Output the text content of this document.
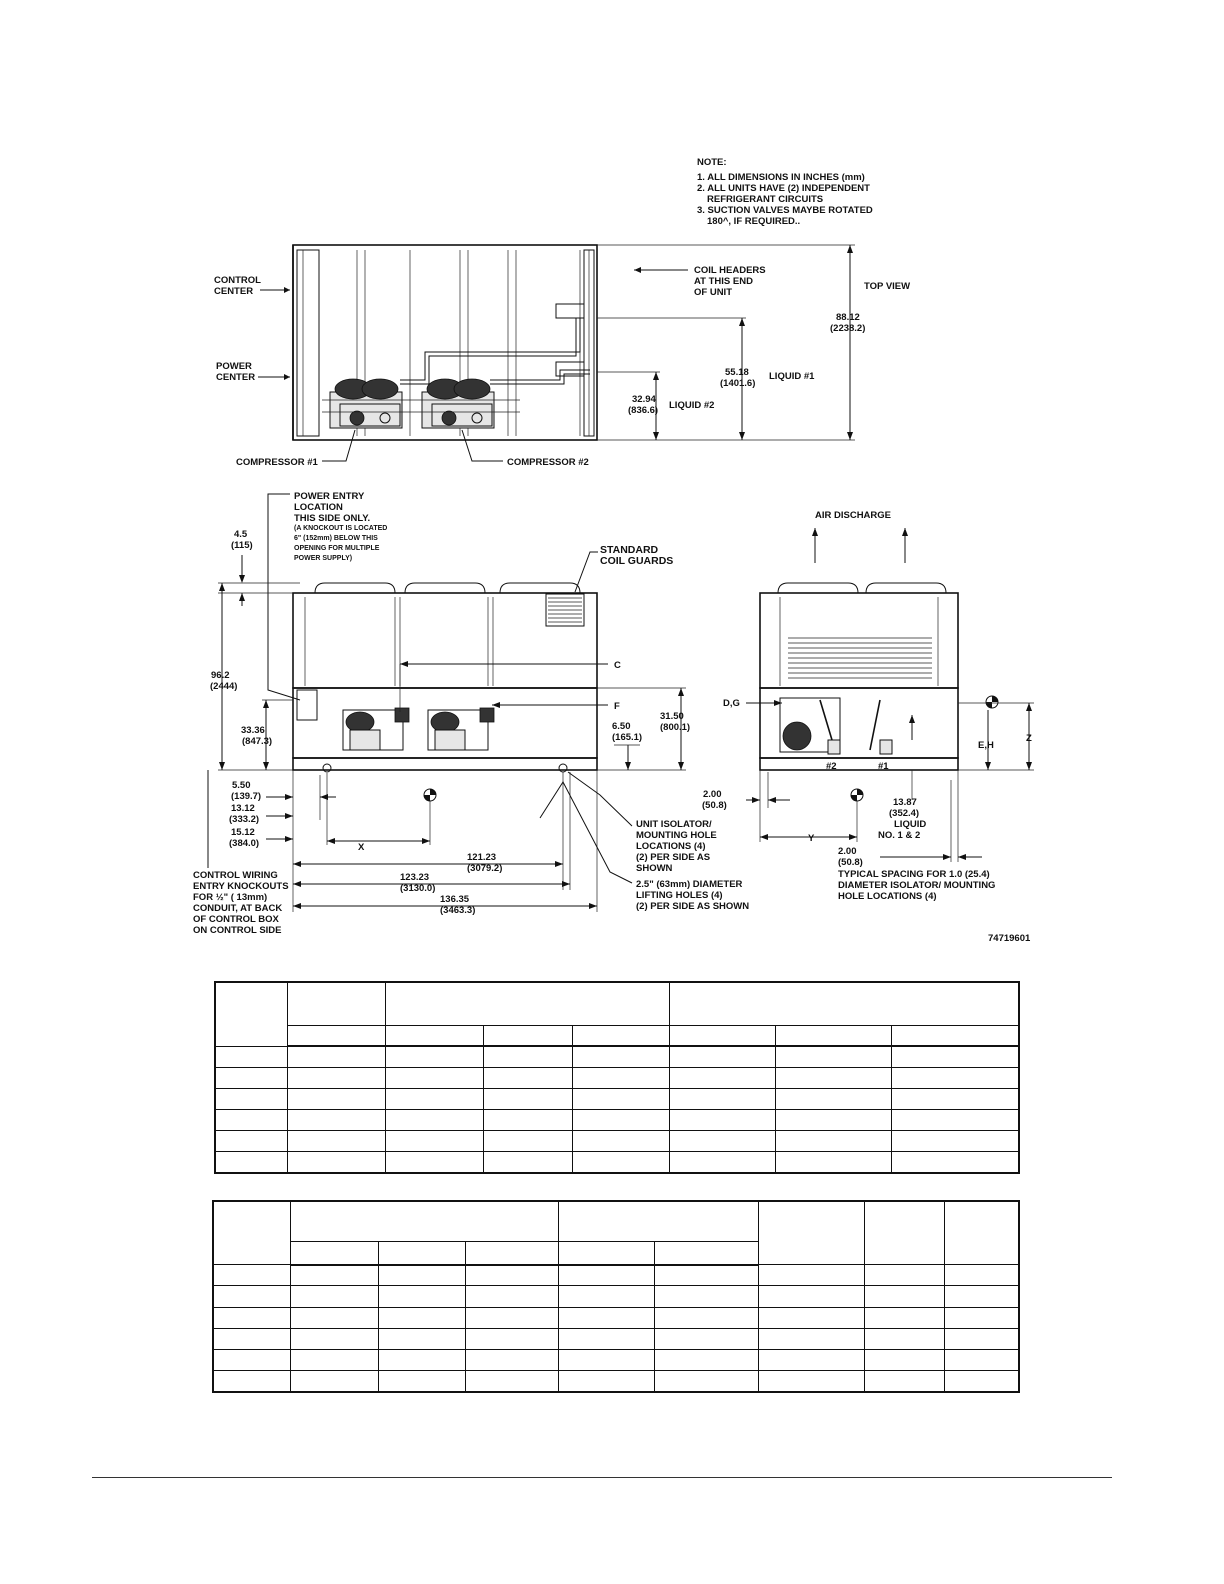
NOTE:
1. ALL DIMENSIONS IN INCHES (mm)
2. ALL UNITS HAVE (2) INDEPENDENT
REFRIGERANT CIRCUITS
3. SUCTION VALVES MAYBE ROTATED
180^, IF REQUIRED..
CONTROL
CENTER
POWER
CENTER
COIL HEADERS
AT THIS END
OF UNIT
TOP VIEW
88.12
(2238.2)
55.18
(1401.6)
LIQUID #1
32.94
(836.6) LIQUID #2
COMPRESSOR #1	COMPRESSOR #2
POWER ENTRY
LOCATION
THIS SIDE ONLY.
(A KNOCKOUT IS LOCATED
6" (152mm) BELOW THIS
OPENING FOR MULTIPLE
POWER SUPPLY)
4.5
(115)
96.2
(2444)
33.36
(847.3)
STANDARD
COIL GUARDS
C
F
6.50
(165.1)
31.50
(800.1)
5.50
(139.7)
13.12
(333.2)
15.12
(384.0)	X
121.23
(3079.2)
123.23
(3130.0)
136.35
(3463.3)
CONTROL WIRING
ENTRY KNOCKOUTS
FOR ½" ( 13mm)
CONDUIT, AT BACK
OF CONTROL BOX
ON CONTROL SIDE
UNIT ISOLATOR/
MOUNTING HOLE
LOCATIONS (4)
(2) PER SIDE AS
SHOWN
2.5" (63mm) DIAMETER
LIFTING HOLES (4)
(2) PER SIDE AS SHOWN
AIR DISCHARGE
D,G
E,H
Z
#2	#1
2.00
(50.8)
Y
13.87
(352.4)
LIQUID
NO. 1 & 2
2.00
(50.8)
TYPICAL SPACING FOR 1.0 (25.4)
DIAMETER ISOLATOR/ MOUNTING
HOLE LOCATIONS (4)
74719601
